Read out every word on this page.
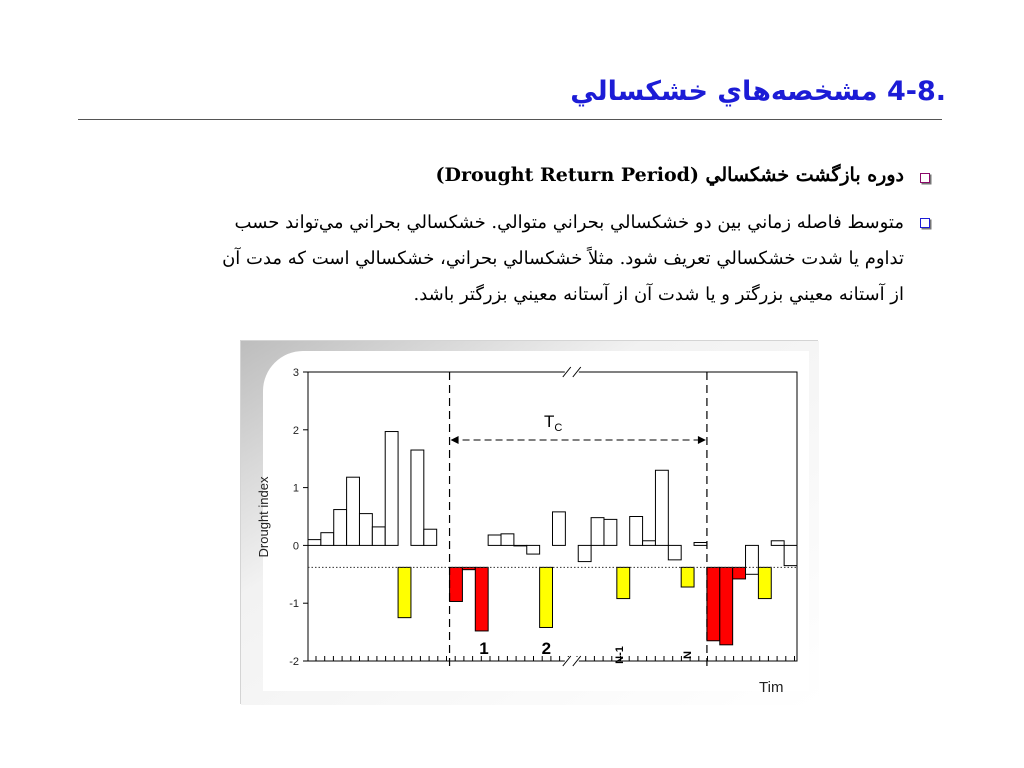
.4-8 مشخصه‌هاي خشکسالي
دوره بازگشت خشکسالي (Drought Return Period)
متوسط فاصله زماني بين دو خشکسالي بحراني متوالي. خشکسالي بحراني مي‌تواند حسب
تداوم يا شدت خشکسالي تعريف شود. مثلاً خشکسالي بحراني، خشکسالي است که مدت آن
از آستانه معيني بزرگتر و يا شدت آن از آستانه معيني بزرگتر باشد.
3
2
1
0
-1
-2
1	2	N-1	N
Drought index
Tim
$T_C$
